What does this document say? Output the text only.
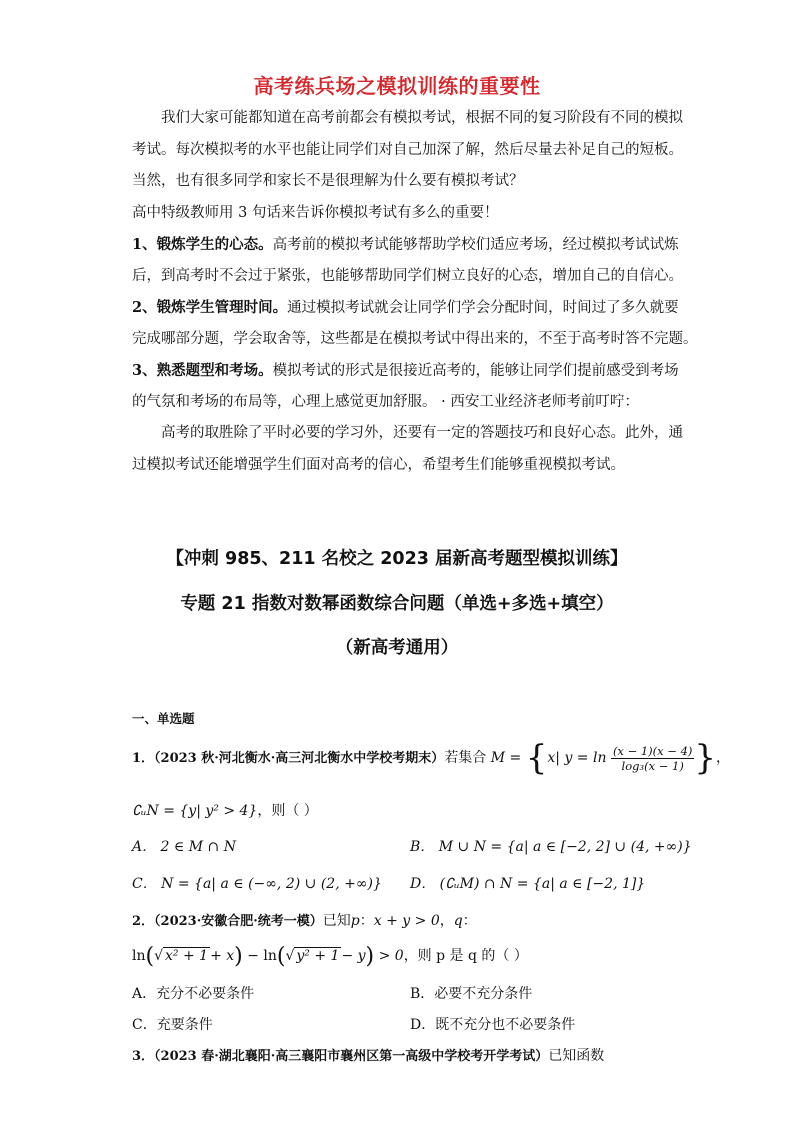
高考练兵场之模拟训练的重要性
我们大家可能都知道在高考前都会有模拟考试，根据不同的复习阶段有不同的模拟
考试。每次模拟考的水平也能让同学们对自己加深了解，然后尽量去补足自己的短板。
当然，也有很多同学和家长不是很理解为什么要有模拟考试？
高中特级教师用 3 句话来告诉你模拟考试有多么的重要！
1、锻炼学生的心态。高考前的模拟考试能够帮助学校们适应考场，经过模拟考试试炼
后，到高考时不会过于紧张，也能够帮助同学们树立良好的心态，增加自己的自信心。
2、锻炼学生管理时间。通过模拟考试就会让同学们学会分配时间，时间过了多久就要
完成哪部分题，学会取舍等，这些都是在模拟考试中得出来的，不至于高考时答不完题。
3、熟悉题型和考场。模拟考试的形式是很接近高考的，能够让同学们提前感受到考场
的气氛和考场的布局等，心理上感觉更加舒服。 · 西安工业经济老师考前叮咛：
高考的取胜除了平时必要的学习外，还要有一定的答题技巧和良好心态。此外，通
过模拟考试还能增强学生们面对高考的信心，希望考生们能够重视模拟考试。
【冲刺 985、211 名校之 2023 届新高考题型模拟训练】
专题 21 指数对数幂函数综合问题（单选+多选+填空）
（新高考通用）
一、单选题
1．（2023 秋·河北衡水·高三河北衡水中学校考期末）若集合 M = {x| $y = \ln \frac{(x - 1)(x - 4)}{\text{log₃(x − 1)}}$ }，
∁ᵤN = {y| y² > 4}，则（ ）
A． 2 ∈ M ∩ N	B． M ∪ N = {a| a ∈ [−2, 2] ∪ (4, +∞)}
C． N = {a| a ∈ (−∞, 2) ∪ (2, +∞)} D． (∁ᵤM) ∩ N = {a| a ∈ [−2, 1]}
2．（2023·安徽合肥·统考一模）已知p：x + y > 0，q：
ln(√ x² + 1 + x) − ln(√ y² + 1 − y) > 0，则 p 是 q 的（ ）
A．充分不必要条件	B．必要不充分条件
C．充要条件	D．既不充分也不必要条件
3．（2023 春·湖北襄阳·高三襄阳市襄州区第一高级中学校考开学考试）已知函数
